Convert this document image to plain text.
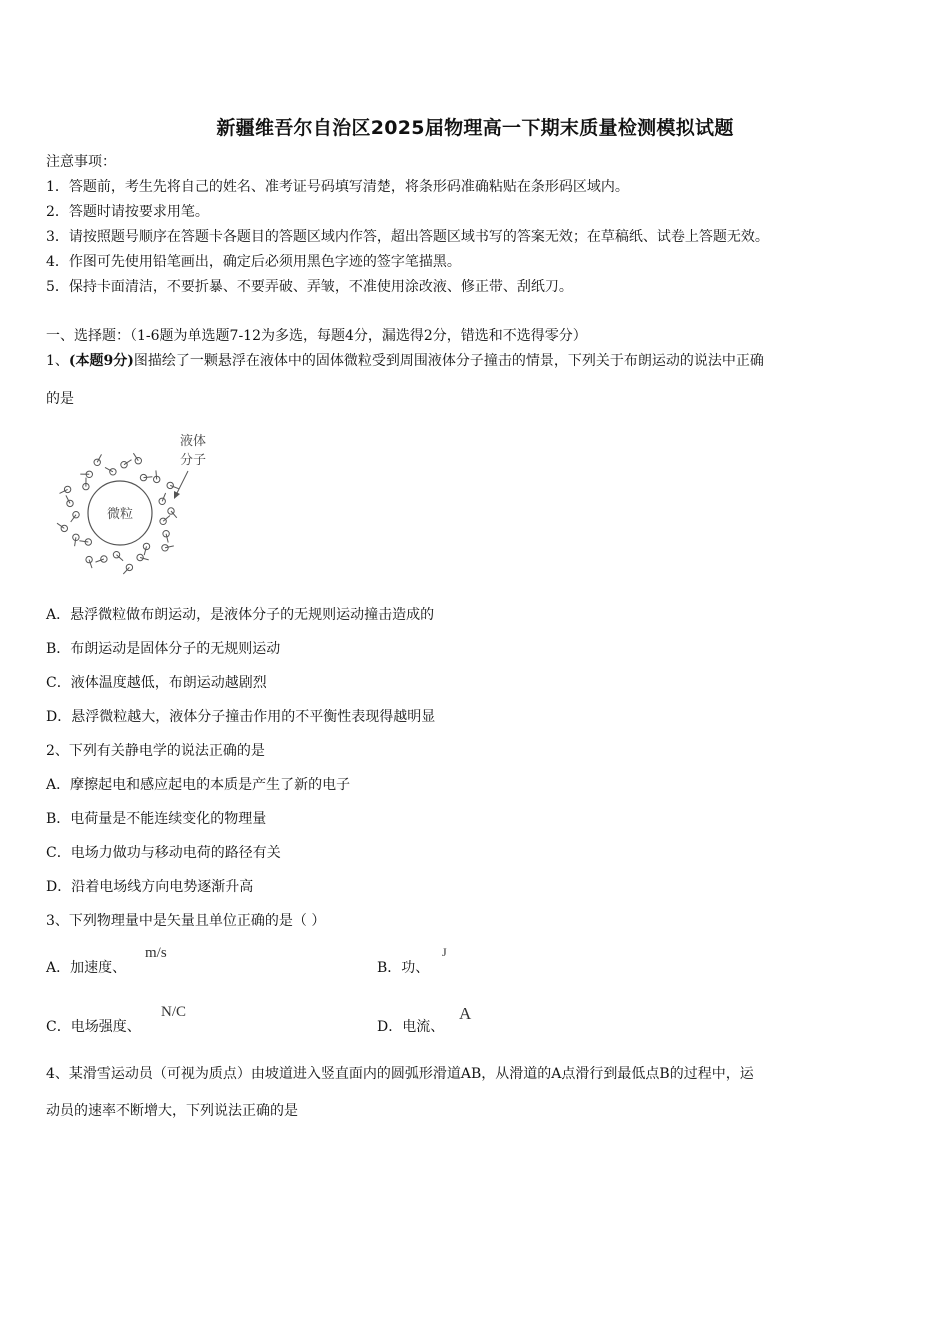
新疆维吾尔自治区2025届物理高一下期末质量检测模拟试题
注意事项：
1．答题前，考生先将自己的姓名、准考证号码填写清楚，将条形码准确粘贴在条形码区域内。
2．答题时请按要求用笔。
3．请按照题号顺序在答题卡各题目的答题区域内作答，超出答题区域书写的答案无效；在草稿纸、试卷上答题无效。
4．作图可先使用铅笔画出，确定后必须用黑色字迹的签字笔描黑。
5．保持卡面清洁，不要折暴、不要弄破、弄皱，不准使用涂改液、修正带、刮纸刀。
一、选择题：（1-6题为单选题7-12为多选，每题4分，漏选得2分，错选和不选得零分）
1、(本题9分)图描绘了一颗悬浮在液体中的固体微粒受到周围液体分子撞击的情景，下列关于布朗运动的说法中正确
的是
微粒
液体
分子
A．悬浮微粒做布朗运动，是液体分子的无规则运动撞击造成的
B．布朗运动是固体分子的无规则运动
C．液体温度越低，布朗运动越剧烈
D．悬浮微粒越大，液体分子撞击作用的不平衡性表现得越明显
2、下列有关静电学的说法正确的是
A．摩擦起电和感应起电的本质是产生了新的电子
B．电荷量是不能连续变化的物理量
C．电场力做功与移动电荷的路径有关
D．沿着电场线方向电势逐渐升高
3、下列物理量中是矢量且单位正确的是（ ）
A．加速度、
m/s
B．功、
J
C．电场强度、
N/C
D．电流、
A
4、某滑雪运动员（可视为质点）由坡道进入竖直面内的圆弧形滑道AB，从滑道的A点滑行到最低点B的过程中，运
动员的速率不断增大，下列说法正确的是
